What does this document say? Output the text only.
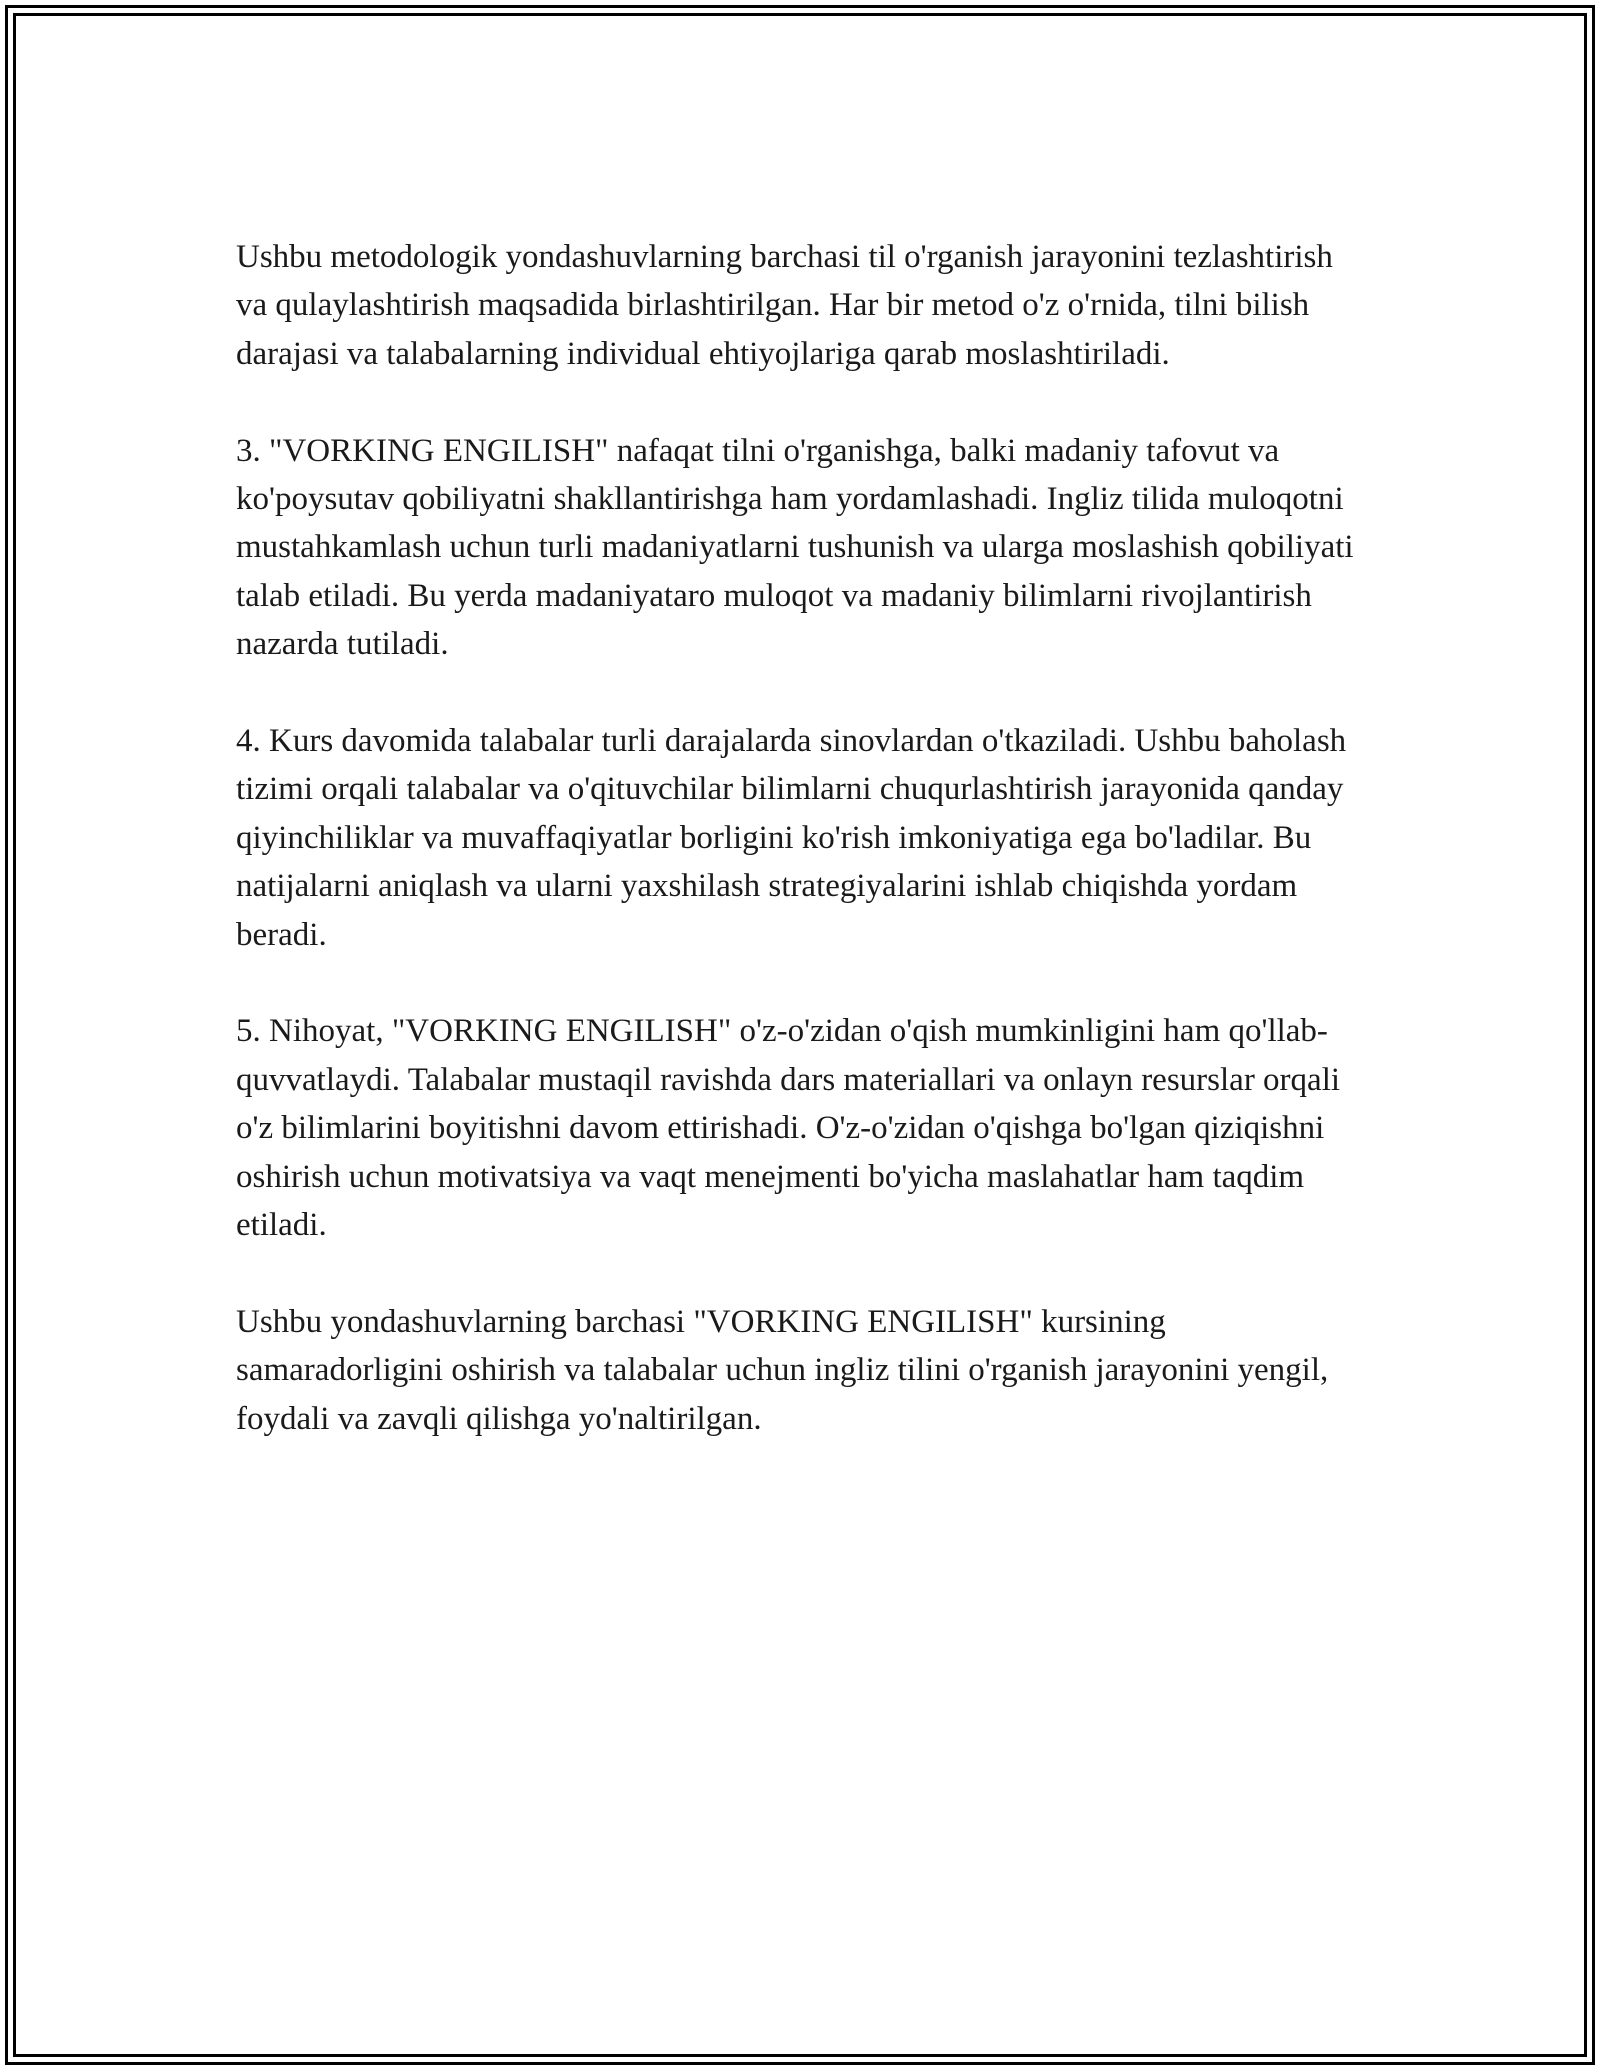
Ushbu metodologik yondashuvlarning barchasi til o'rganish jarayonini tezlashtirish va qulaylashtirish maqsadida birlashtirilgan. Har bir metod o'z o'rnida, tilni bilish darajasi va talabalarning individual ehtiyojlariga qarab moslashtiriladi.

3. "VORKING ENGILISH" nafaqat tilni o'rganishga, balki madaniy tafovut va ko'poysutav qobiliyatni shakllantirishga ham yordamlashadi. Ingliz tilida muloqotni mustahkamlash uchun turli madaniyatlarni tushunish va ularga moslashish qobiliyati talab etiladi. Bu yerda madaniyataro muloqot va madaniy bilimlarni rivojlantirish nazarda tutiladi.

4. Kurs davomida talabalar turli darajalarda sinovlardan o'tkaziladi. Ushbu baholash tizimi orqali talabalar va o'qituvchilar bilimlarni chuqurlashtirish jarayonida qanday qiyinchiliklar va muvaffaqiyatlar borligini ko'rish imkoniyatiga ega bo'ladilar. Bu natijalarni aniqlash va ularni yaxshilash strategiyalarini ishlab chiqishda yordam beradi.

5. Nihoyat, "VORKING ENGILISH" o'z-o'zidan o'qish mumkinligini ham qo'llab-quvvatlaydi. Talabalar mustaqil ravishda dars materiallari va onlayn resurslar orqali o'z bilimlarini boyitishni davom ettirishadi. O'z-o'zidan o'qishga bo'lgan qiziqishni oshirish uchun motivatsiya va vaqt menejmenti bo'yicha maslahatlar ham taqdim etiladi.

Ushbu yondashuvlarning barchasi "VORKING ENGILISH" kursining samaradorligini oshirish va talabalar uchun ingliz tilini o'rganish jarayonini yengil, foydali va zavqli qilishga yo'naltirilgan.
